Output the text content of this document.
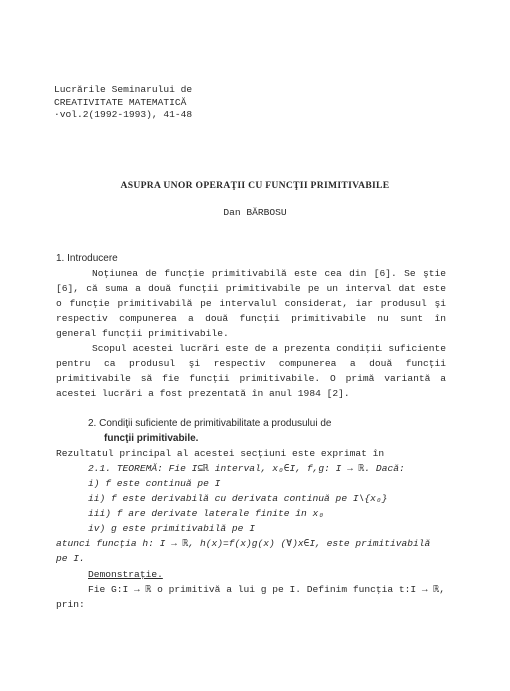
Lucrările Seminarului de
CREATIVITATE MATEMATICĂ
·vol.2(1992-1993), 41-48
ASUPRA UNOR OPERAŢII CU FUNCŢII PRIMITIVABILE
Dan BĂRBOSU
1. Introducere
Noţiunea de funcţie primitivabilă este cea din [6]. Se ştie
[6], că suma a două funcţii primitivabile pe un interval dat este
o funcţie primitivabilă pe intervalul considerat, iar produsul şi
respectiv compunerea a două funcţii primitivabile nu sunt în
general funcţii primitivabile.
Scopul acestei lucrări este de a prezenta condiţii suficiente
pentru ca produsul şi respectiv compunerea a două funcţii
primitivabile să fie funcţii primitivabile. O primă variantă a
acestei lucrări a fost prezentată în anul 1984 [2].
2. Condiţii suficiente de primitivabilitate a produsului de
funcţii primitivabile.
Rezultatul principal al acestei secţiuni este exprimat în
2.1. TEOREMĂ: Fie I⊆ℝ interval, x₀∈I, f,g: I → ℝ. Dacă:
i) f este continuă pe I
ii) f este derivabilă cu derivata continuă pe I\{x₀}
iii) f are derivate laterale finite în x₀
iv) g este primitivabilă pe I
atunci funcţia h: I → ℝ, h(x)=f(x)g(x) (∀)x∈I, este primitivabilă
pe I.
Demonstraţie.
Fie G:I → ℝ o primitivă a lui g pe I. Definim funcţia t:I → ℝ,
prin:
